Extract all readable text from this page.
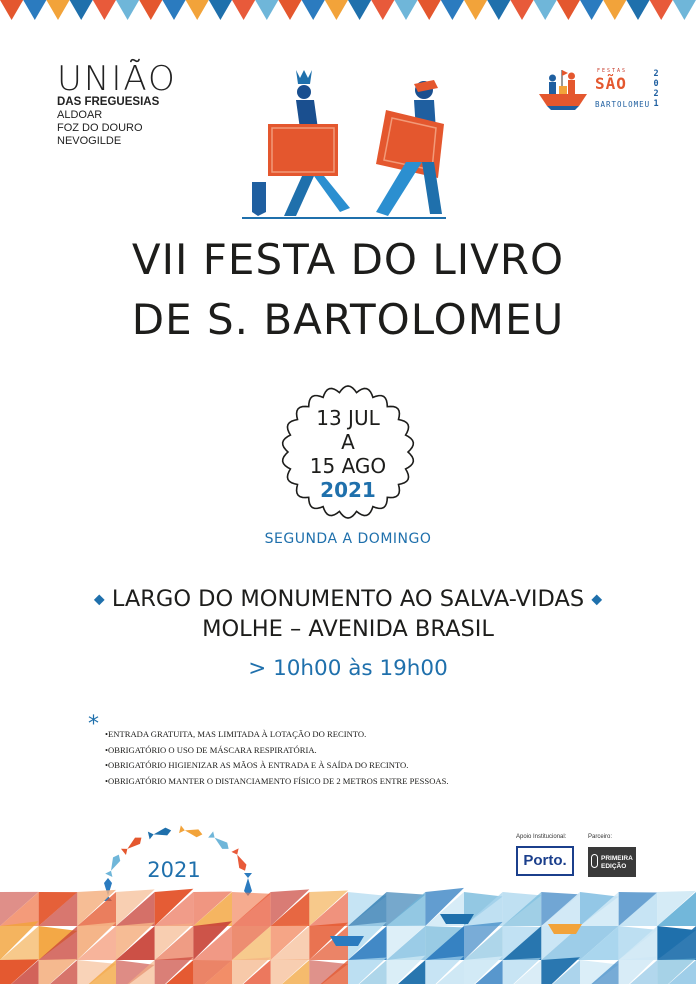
UNIÃO
DAS FREGUESIAS
ALDOAR
FOZ DO DOURO
NEVOGILDE
FESTAS
SÃO
BARTOLOMEU
2
0
2
1
VII FESTA DO LIVRO
DE S. BARTOLOMEU
13 JUL
A
15 AGO
2021
SEGUNDA A DOMINGO
◆ LARGO DO MONUMENTO AO SALVA-VIDAS ◆
MOLHE – AVENIDA BRASIL
> 10h00 às 19h00
*
•	ENTRADA GRATUITA, MAS LIMITADA À LOTAÇÃO DO RECINTO.
• OBRIGATÓRIO O USO DE MÁSCARA RESPIRATÓRIA.
• OBRIGATÓRIO HIGIENIZAR AS MÃOS À ENTRADA E À SAÍDA DO RECINTO.
• OBRIGATÓRIO MANTER O DISTANCIAMENTO FÍSICO DE 2 METROS ENTRE PESSOAS.
2021
Apoio Institucional:
Porto.
Parceiro:
PRIMEIRA
EDIÇÃO
